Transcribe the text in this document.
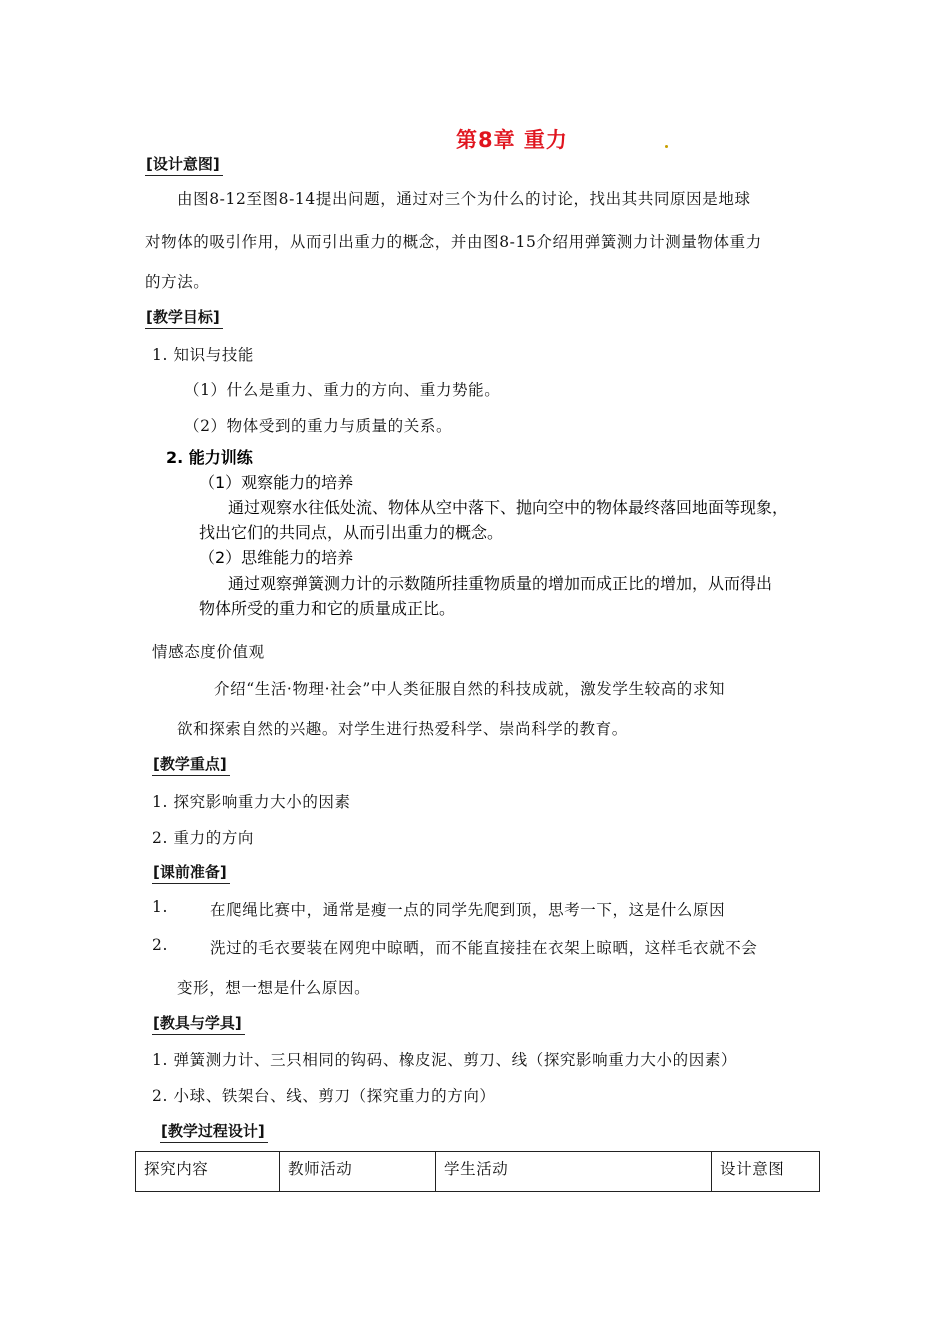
第8章 重力
[设计意图]
由图8-12至图8-14提出问题，通过对三个为什么的讨论，找出其共同原因是地球
对物体的吸引作用，从而引出重力的概念，并由图8-15介绍用弹簧测力计测量物体重力
的方法。
[教学目标]
1. 知识与技能
（1）什么是重力、重力的方向、重力势能。
（2）物体受到的重力与质量的关系。
2. 能力训练
（1）观察能力的培养
通过观察水往低处流、物体从空中落下、抛向空中的物体最终落回地面等现象，
找出它们的共同点，从而引出重力的概念。
（2）思维能力的培养
通过观察弹簧测力计的示数随所挂重物质量的增加而成正比的增加，从而得出
物体所受的重力和它的质量成正比。
情感态度价值观
介绍“生活·物理·社会”中人类征服自然的科技成就，激发学生较高的求知
欲和探索自然的兴趣。对学生进行热爱科学、崇尚科学的教育。
[教学重点]
1. 探究影响重力大小的因素
2. 重力的方向
[课前准备]
1.	在爬绳比赛中，通常是瘦一点的同学先爬到顶，思考一下，这是什么原因
2.	洗过的毛衣要装在网兜中晾晒，而不能直接挂在衣架上晾晒，这样毛衣就不会
变形，想一想是什么原因。
[教具与学具]
1. 弹簧测力计、三只相同的钩码、橡皮泥、剪刀、线（探究影响重力大小的因素）
2. 小球、铁架台、线、剪刀（探究重力的方向）
[教学过程设计]
探究内容	教师活动	学生活动	设计意图
